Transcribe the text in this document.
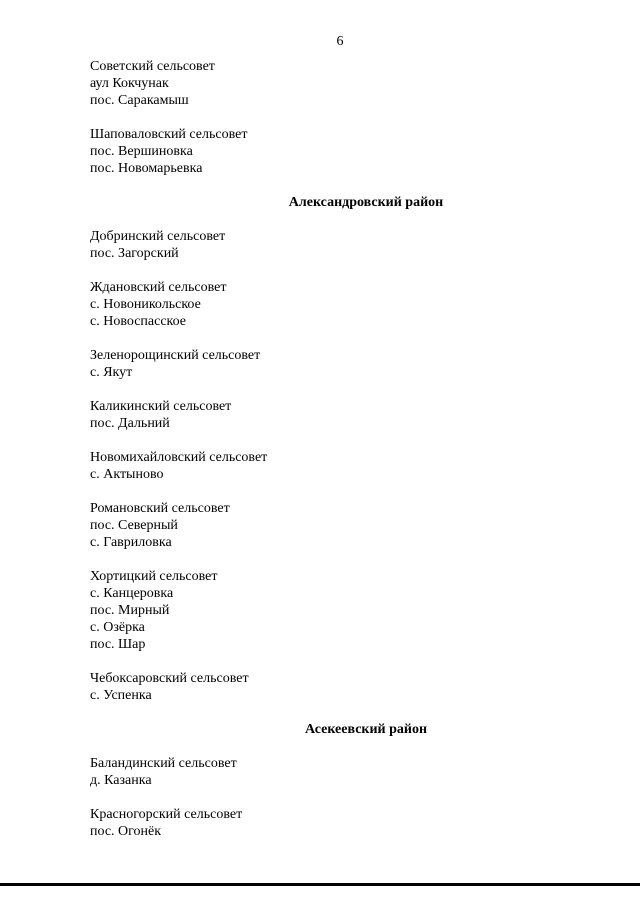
6
Советский сельсовет
аул Кокчунак
пос. Саракамыш
Шаповаловский сельсовет
пос. Вершиновка
пос. Новомарьевка
Александровский район
Добринский сельсовет
пос. Загорский
Ждановский сельсовет
с. Новоникольское
с. Новоспасское
Зеленорощинский сельсовет
с. Якут
Каликинский сельсовет
пос. Дальний
Новомихайловский сельсовет
с. Актыново
Романовский сельсовет
пос. Северный
с. Гавриловка
Хортицкий сельсовет
с. Канцеровка
пос. Мирный
с. Озёрка
пос. Шар
Чебоксаровский сельсовет
с. Успенка
Асекеевский район
Баландинский сельсовет
д. Казанка
Красногорский сельсовет
пос. Огонёк
